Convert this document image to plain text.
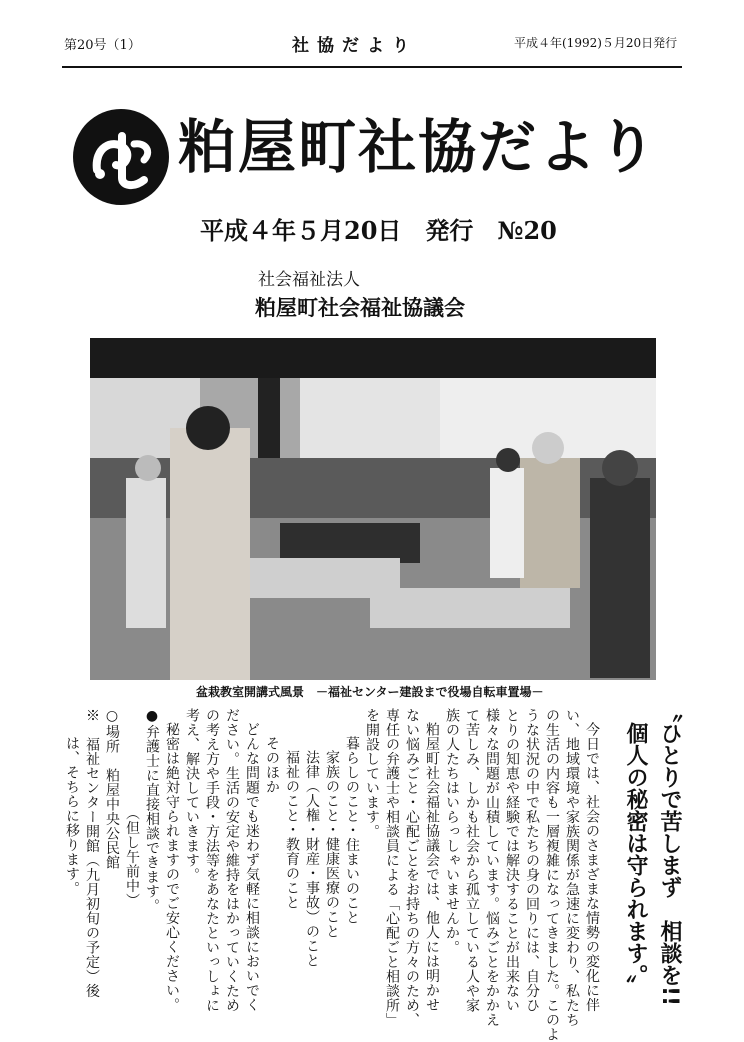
第20号（1）	社協だより	平成４年(1992)５月20日発行
粕屋町社協だより
平成４年５月20日　発行　№20
社会福祉法人
粕屋町社会福祉協議会
盆栽教室開講式風景　－福祉センター建設まで役場自転車置場－
〝ひとりで苦しまず　相談を!!
個人の秘密は守られます。〟
今日では、社会のさまざまな情勢の変化に伴
い、地域環境や家族関係が急速に変わり、私たち
の生活の内容も一層複雑になってきました。このよ
うな状況の中で私たちの身の回りには、自分ひ
とりの知恵や経験では解決することが出来ない
様々な問題が山積しています。悩みごとをかかえ
て苦しみ、しかも社会から孤立している人や家
族の人たちはいらっしゃいませんか。
粕屋町社会福祉協議会では、他人には明かせ
ない悩みごと・心配ごとをお持ちの方々のため、
専任の弁護士や相談員による「心配ごと相談所」
を開設しています。
暮らしのこと・住まいのこと
家族のこと・健康医療のこと
法律（人権・財産・事故）のこと
福祉のこと・教育のこと
そのほか
どんな問題でも迷わず気軽に相談においでく
ださい。生活の安定や維持をはかっていくため
の考え方や手段・方法等をあなたといっしょに
考え、解決していきます。
秘密は絶対守られますのでご安心ください。
●弁護士に直接相談できます。
（但し午前中）
○場所　粕屋中央公民館
※　福祉センター開館（九月初旬の予定）後
は、そちらに移ります。
